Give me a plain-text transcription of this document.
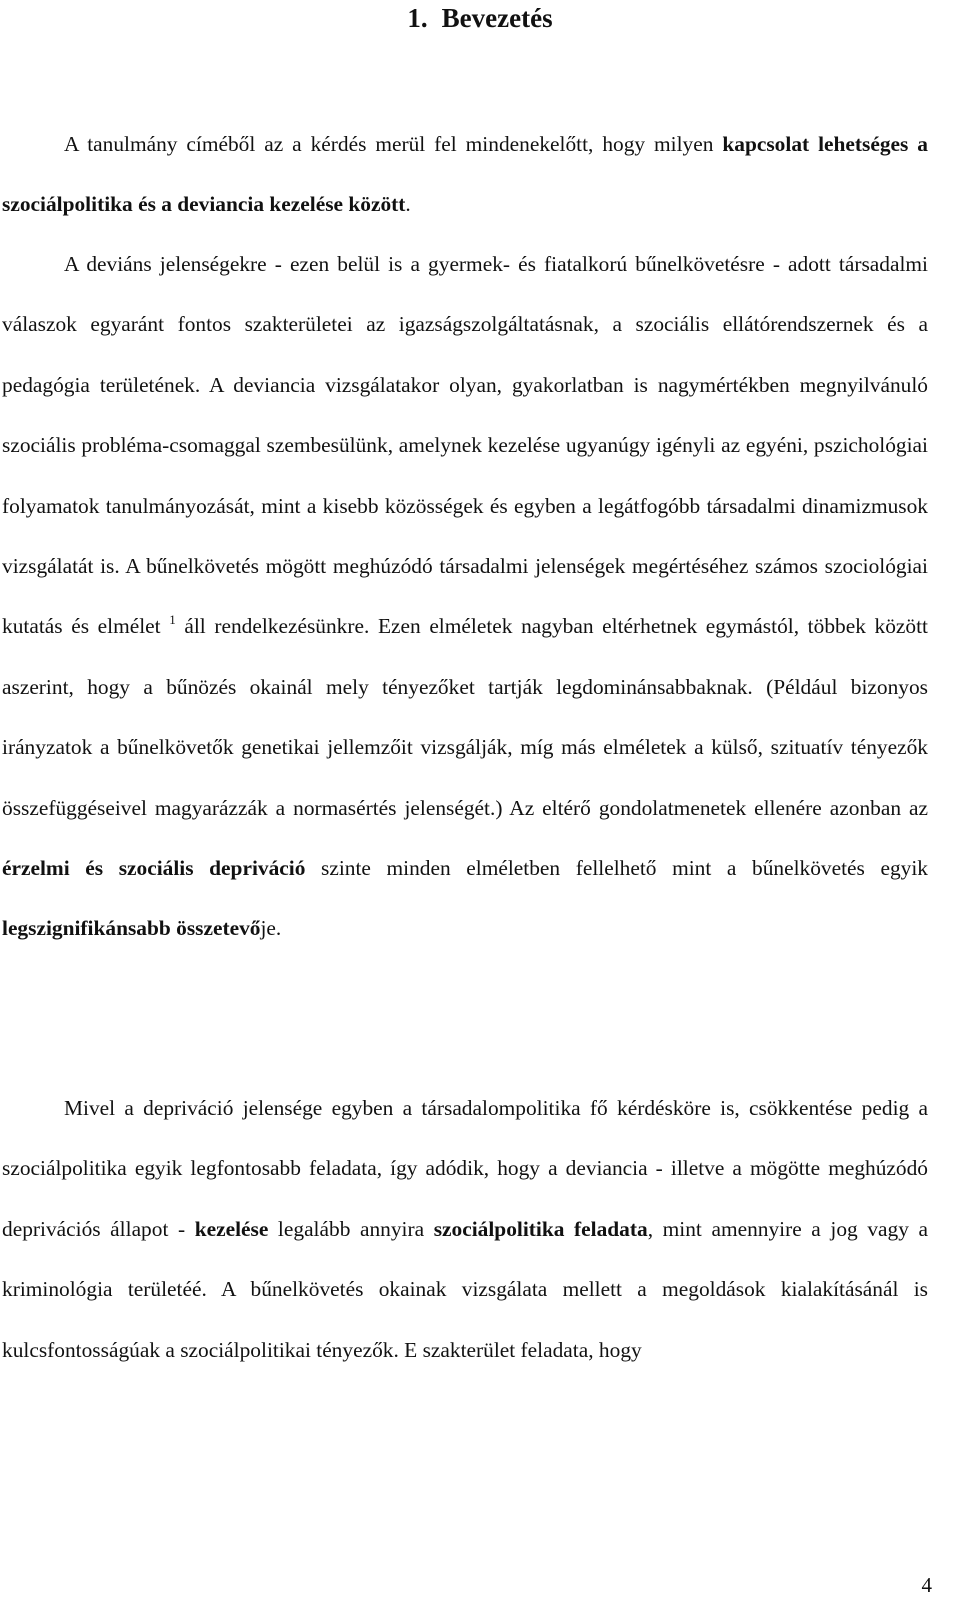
1. Bevezetés

A tanulmány címéből az a kérdés merül fel mindenekelőtt, hogy milyen kapcsolat lehetséges a szociálpolitika és a deviancia kezelése között.

A deviáns jelenségekre - ezen belül is a gyermek- és fiatalkorú bűnelkövetésre - adott társadalmi válaszok egyaránt fontos szakterületei az igazságszolgáltatásnak, a szociális ellátórendszernek és a pedagógia területének. A deviancia vizsgálatakor olyan, gyakorlatban is nagymértékben megnyilvánuló szociális probléma-csomaggal szembesülünk, amelynek kezelése ugyanúgy igényli az egyéni, pszichológiai folyamatok tanulmányozását, mint a kisebb közösségek és egyben a legátfogóbb társadalmi dinamizmusok vizsgálatát is. A bűnelkövetés mögött meghúzódó társadalmi jelenségek megértéséhez számos szociológiai kutatás és elmélet $^1$ áll rendelkezésünkre. Ezen elméletek nagyban eltérhetnek egymástól, többek között aszerint, hogy a bűnözés okainál mely tényezőket tartják legdominánsabbaknak. (Például bizonyos irányzatok a bűnelkövetők genetikai jellemzőit vizsgálják, míg más elméletek a külső, szituatív tényezők összefüggéseivel magyarázzák a normasértés jelenségét.) Az eltérő gondolatmenetek ellenére azonban az érzelmi és szociális depriváció szinte minden elméletben fellelhető mint a bűnelkövetés egyik legszignifikánsabb összetevője.

Mivel a depriváció jelensége egyben a társadalompolitika fő kérdésköre is, csökkentése pedig a szociálpolitika egyik legfontosabb feladata, így adódik, hogy a deviancia - illetve a mögötte meghúzódó deprivációs állapot - kezelése legalább annyira szociálpolitika feladata, mint amennyire a jog vagy a kriminológia területéé. A bűnelkövetés okainak vizsgálata mellett a megoldások kialakításánál is kulcsfontosságúak a szociálpolitikai tényezők. E szakterület feladata, hogy

4
